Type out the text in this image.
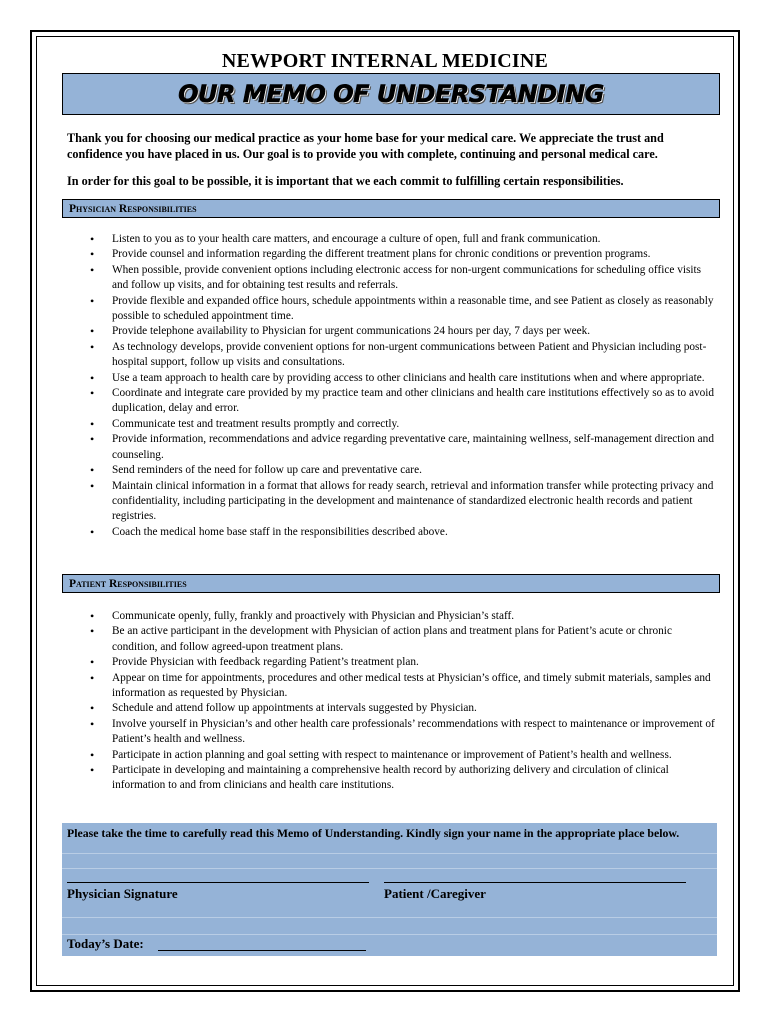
NEWPORT INTERNAL MEDICINE
OUR MEMO OF UNDERSTANDING
Thank you for choosing our medical practice as your home base for your medical care. We appreciate the trust and confidence you have placed in us. Our goal is to provide you with complete, continuing and personal medical care.
In order for this goal to be possible, it is important that we each commit to fulfilling certain responsibilities.
Physician Responsibilities
• Listen to you as to your health care matters, and encourage a culture of open, full and frank communication.
• Provide counsel and information regarding the different treatment plans for chronic conditions or prevention programs.
• When possible, provide convenient options including electronic access for non-urgent communications for scheduling office visits and follow up visits, and for obtaining test results and referrals.
• Provide flexible and expanded office hours, schedule appointments within a reasonable time, and see Patient as closely as reasonably possible to scheduled appointment time.
• Provide telephone availability to Physician for urgent communications 24 hours per day, 7 days per week.
• As technology develops, provide convenient options for non-urgent communications between Patient and Physician including post-hospital support, follow up visits and consultations.
• Use a team approach to health care by providing access to other clinicians and health care institutions when and where appropriate.
• Coordinate and integrate care provided by my practice team and other clinicians and health care institutions effectively so as to avoid duplication, delay and error.
• Communicate test and treatment results promptly and correctly.
• Provide information, recommendations and advice regarding preventative care, maintaining wellness, self-management direction and counseling.
• Send reminders of the need for follow up care and preventative care.
• Maintain clinical information in a format that allows for ready search, retrieval and information transfer while protecting privacy and confidentiality, including participating in the development and maintenance of standardized electronic health records and patient registries.
• Coach the medical home base staff in the responsibilities described above.
Patient Responsibilities
• Communicate openly, fully, frankly and proactively with Physician and Physician’s staff.
• Be an active participant in the development with Physician of action plans and treatment plans for Patient’s acute or chronic condition, and follow agreed-upon treatment plans.
• Provide Physician with feedback regarding Patient’s treatment plan.
• Appear on time for appointments, procedures and other medical tests at Physician’s office, and timely submit materials, samples and information as requested by Physician.
• Schedule and attend follow up appointments at intervals suggested by Physician.
• Involve yourself in Physician’s and other health care professionals’ recommendations with respect to maintenance or improvement of Patient’s health and wellness.
• Participate in action planning and goal setting with respect to maintenance or improvement of Patient’s health and wellness.
• Participate in developing and maintaining a comprehensive health record by authorizing delivery and circulation of clinical information to and from clinicians and health care institutions.
Please take the time to carefully read this Memo of Understanding. Kindly sign your name in the appropriate place below.
Physician Signature	Patient /Caregiver
Today’s Date:
